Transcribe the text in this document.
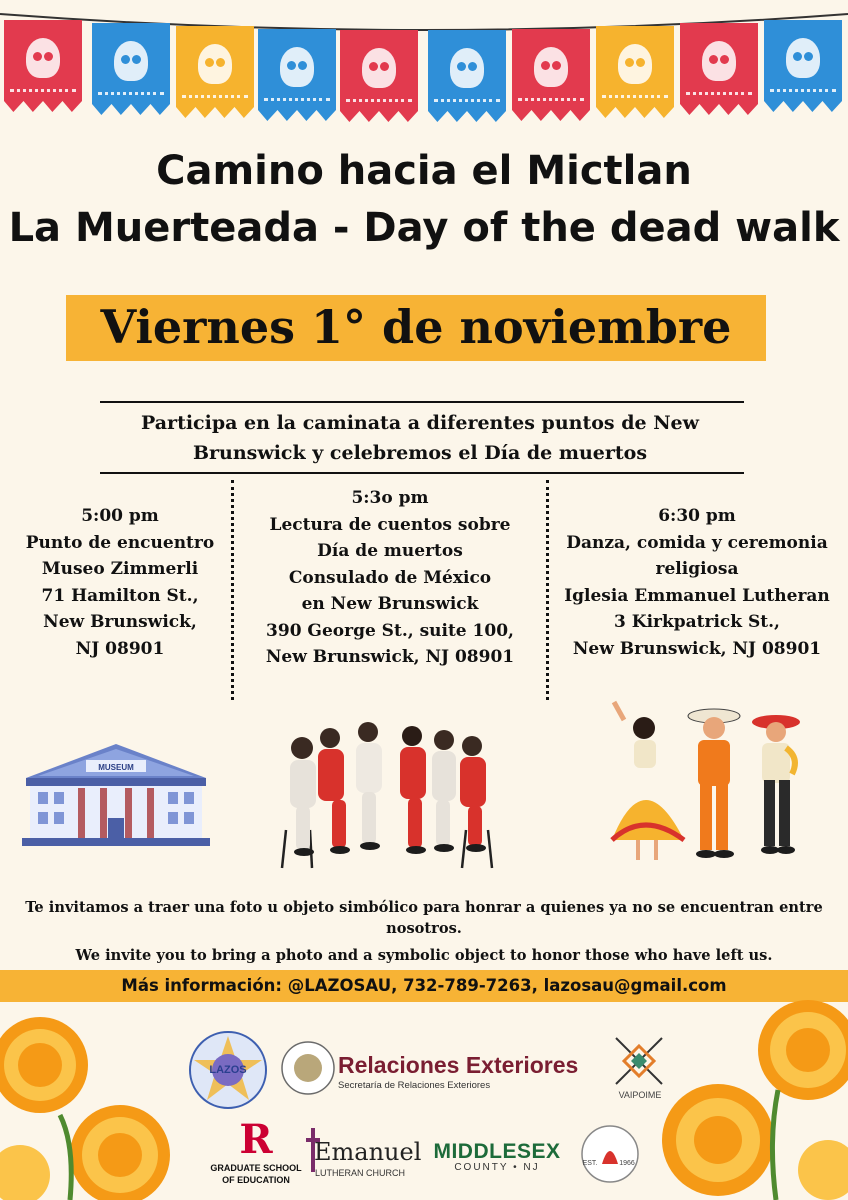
Camino hacia el Mictlan
La Muerteada - Day of the dead walk
Viernes 1° de noviembre
Participa en la caminata a diferentes puntos de New
Brunswick y celebremos el Día de muertos
5:00 pm
Punto de encuentro
Museo Zimmerli
71 Hamilton St.,
New Brunswick,
NJ 08901
5:3o pm
Lectura de cuentos sobre
Día de muertos
Consulado de México
en New Brunswick
390 George St., suite 100,
New Brunswick, NJ 08901
6:30 pm
Danza, comida y ceremonia
religiosa
Iglesia Emmanuel Lutheran
3 Kirkpatrick St.,
New Brunswick, NJ 08901
MUSEUM
Te invitamos a traer una foto u objeto simbólico para honrar a quienes ya no se encuentran entre
nosotros.
We invite you to bring a photo and a symbolic object to honor those who have left us.
Más información: @LAZOSAU, 732-789-7263, lazosau@gmail.com
LAZOS	Relaciones Exteriores
Secretaría de Relaciones Exteriores
VAIPOIME
R
GRADUATE SCHOOL
OF EDUCATION
Emanuel
LUTHERAN CHURCH
MIDDLESEX
COUNTY • NJ	EST.	1966
